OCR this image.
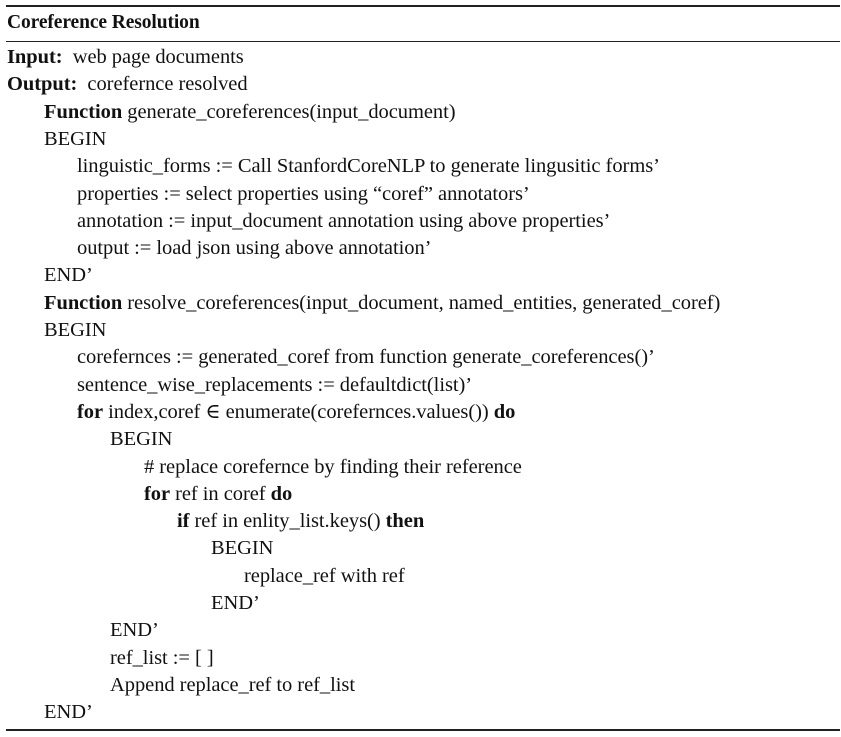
Coreference Resolution
Input:  web page documents
Output:  corefernce resolved
Function generate_coreferences(input_document)
BEGIN
linguistic_forms := Call StanfordCoreNLP to generate lingusitic forms’
properties := select properties using “coref” annotators’
annotation := input_document annotation using above properties’
output := load json using above annotation’
END’
Function resolve_coreferences(input_document, named_entities, generated_coref)
BEGIN
corefernces := generated_coref from function generate_coreferences()’
sentence_wise_replacements := defaultdict(list)’
for index,coref ∈ enumerate(corefernces.values()) do
BEGIN
# replace corefernce by finding their reference
for ref in coref do
if ref in enlity_list.keys() then
BEGIN
replace_ref with ref
END’
END’
ref_list := [ ]
Append replace_ref to ref_list
END’
